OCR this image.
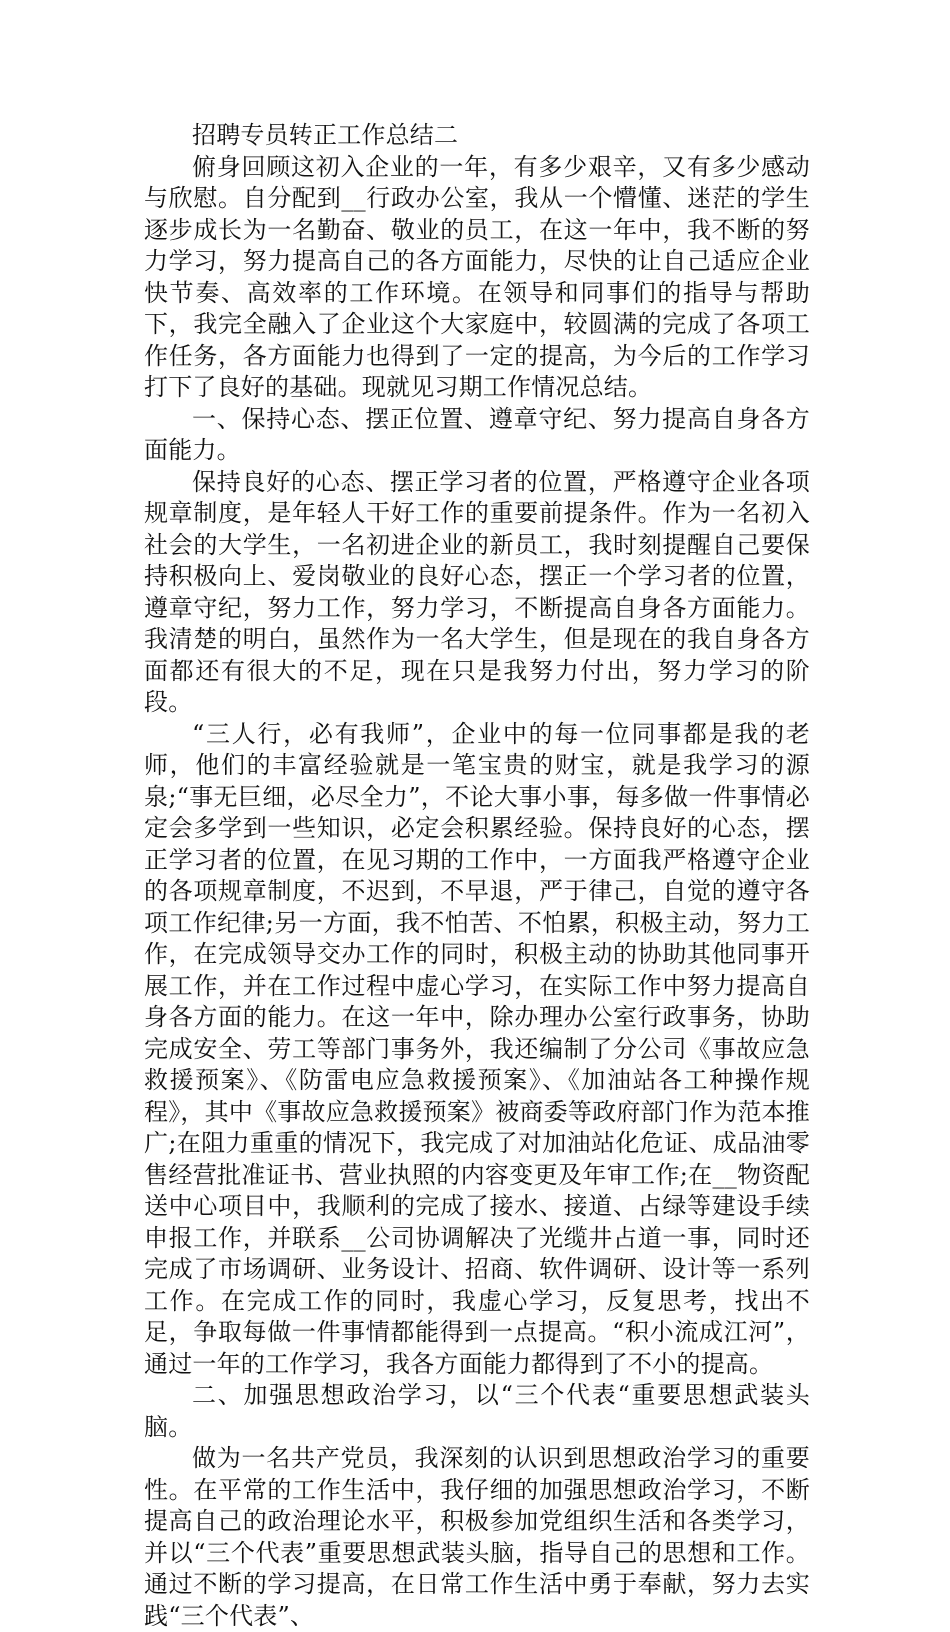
招聘专员转正工作总结二

俯身回顾这初入企业的一年，有多少艰辛，又有多少感动与欣慰。自分配到__行政办公室，我从一个懵懂、迷茫的学生逐步成长为一名勤奋、敬业的员工，在这一年中，我不断的努力学习，努力提高自己的各方面能力，尽快的让自己适应企业快节奏、高效率的工作环境。在领导和同事们的指导与帮助下，我完全融入了企业这个大家庭中，较圆满的完成了各项工作任务，各方面能力也得到了一定的提高，为今后的工作学习打下了良好的基础。现就见习期工作情况总结。

一、保持心态、摆正位置、遵章守纪、努力提高自身各方面能力。

保持良好的心态、摆正学习者的位置，严格遵守企业各项规章制度，是年轻人干好工作的重要前提条件。作为一名初入社会的大学生，一名初进企业的新员工，我时刻提醒自己要保持积极向上、爱岗敬业的良好心态，摆正一个学习者的位置，遵章守纪，努力工作，努力学习，不断提高自身各方面能力。我清楚的明白，虽然作为一名大学生，但是现在的我自身各方面都还有很大的不足，现在只是我努力付出，努力学习的阶段。

“三人行，必有我师”，企业中的每一位同事都是我的老师，他们的丰富经验就是一笔宝贵的财宝，就是我学习的源泉;“事无巨细，必尽全力”，不论大事小事，每多做一件事情必定会多学到一些知识，必定会积累经验。保持良好的心态，摆正学习者的位置，在见习期的工作中，一方面我严格遵守企业的各项规章制度，不迟到，不早退，严于律己，自觉的遵守各项工作纪律;另一方面，我不怕苦、不怕累，积极主动，努力工作，在完成领导交办工作的同时，积极主动的协助其他同事开展工作，并在工作过程中虚心学习，在实际工作中努力提高自身各方面的能力。在这一年中，除办理办公室行政事务，协助完成安全、劳工等部门事务外，我还编制了分公司《事故应急救援预案》、《防雷电应急救援预案》、《加油站各工种操作规程》，其中《事故应急救援预案》被商委等政府部门作为范本推广;在阻力重重的情况下，我完成了对加油站化危证、成品油零售经营批准证书、营业执照的内容变更及年审工作;在__物资配送中心项目中，我顺利的完成了接水、接道、占绿等建设手续申报工作，并联系__公司协调解决了光缆井占道一事，同时还完成了市场调研、业务设计、招商、软件调研、设计等一系列工作。在完成工作的同时，我虚心学习，反复思考，找出不足，争取每做一件事情都能得到一点提高。“积小流成江河”，通过一年的工作学习，我各方面能力都得到了不小的提高。

二、加强思想政治学习，以“三个代表“重要思想武装头脑。

做为一名共产党员，我深刻的认识到思想政治学习的重要性。在平常的工作生活中，我仔细的加强思想政治学习，不断提高自己的政治理论水平，积极参加党组织生活和各类学习，并以“三个代表”重要思想武装头脑，指导自己的思想和工作。通过不断的学习提高，在日常工作生活中勇于奉献，努力去实践“三个代表”、
